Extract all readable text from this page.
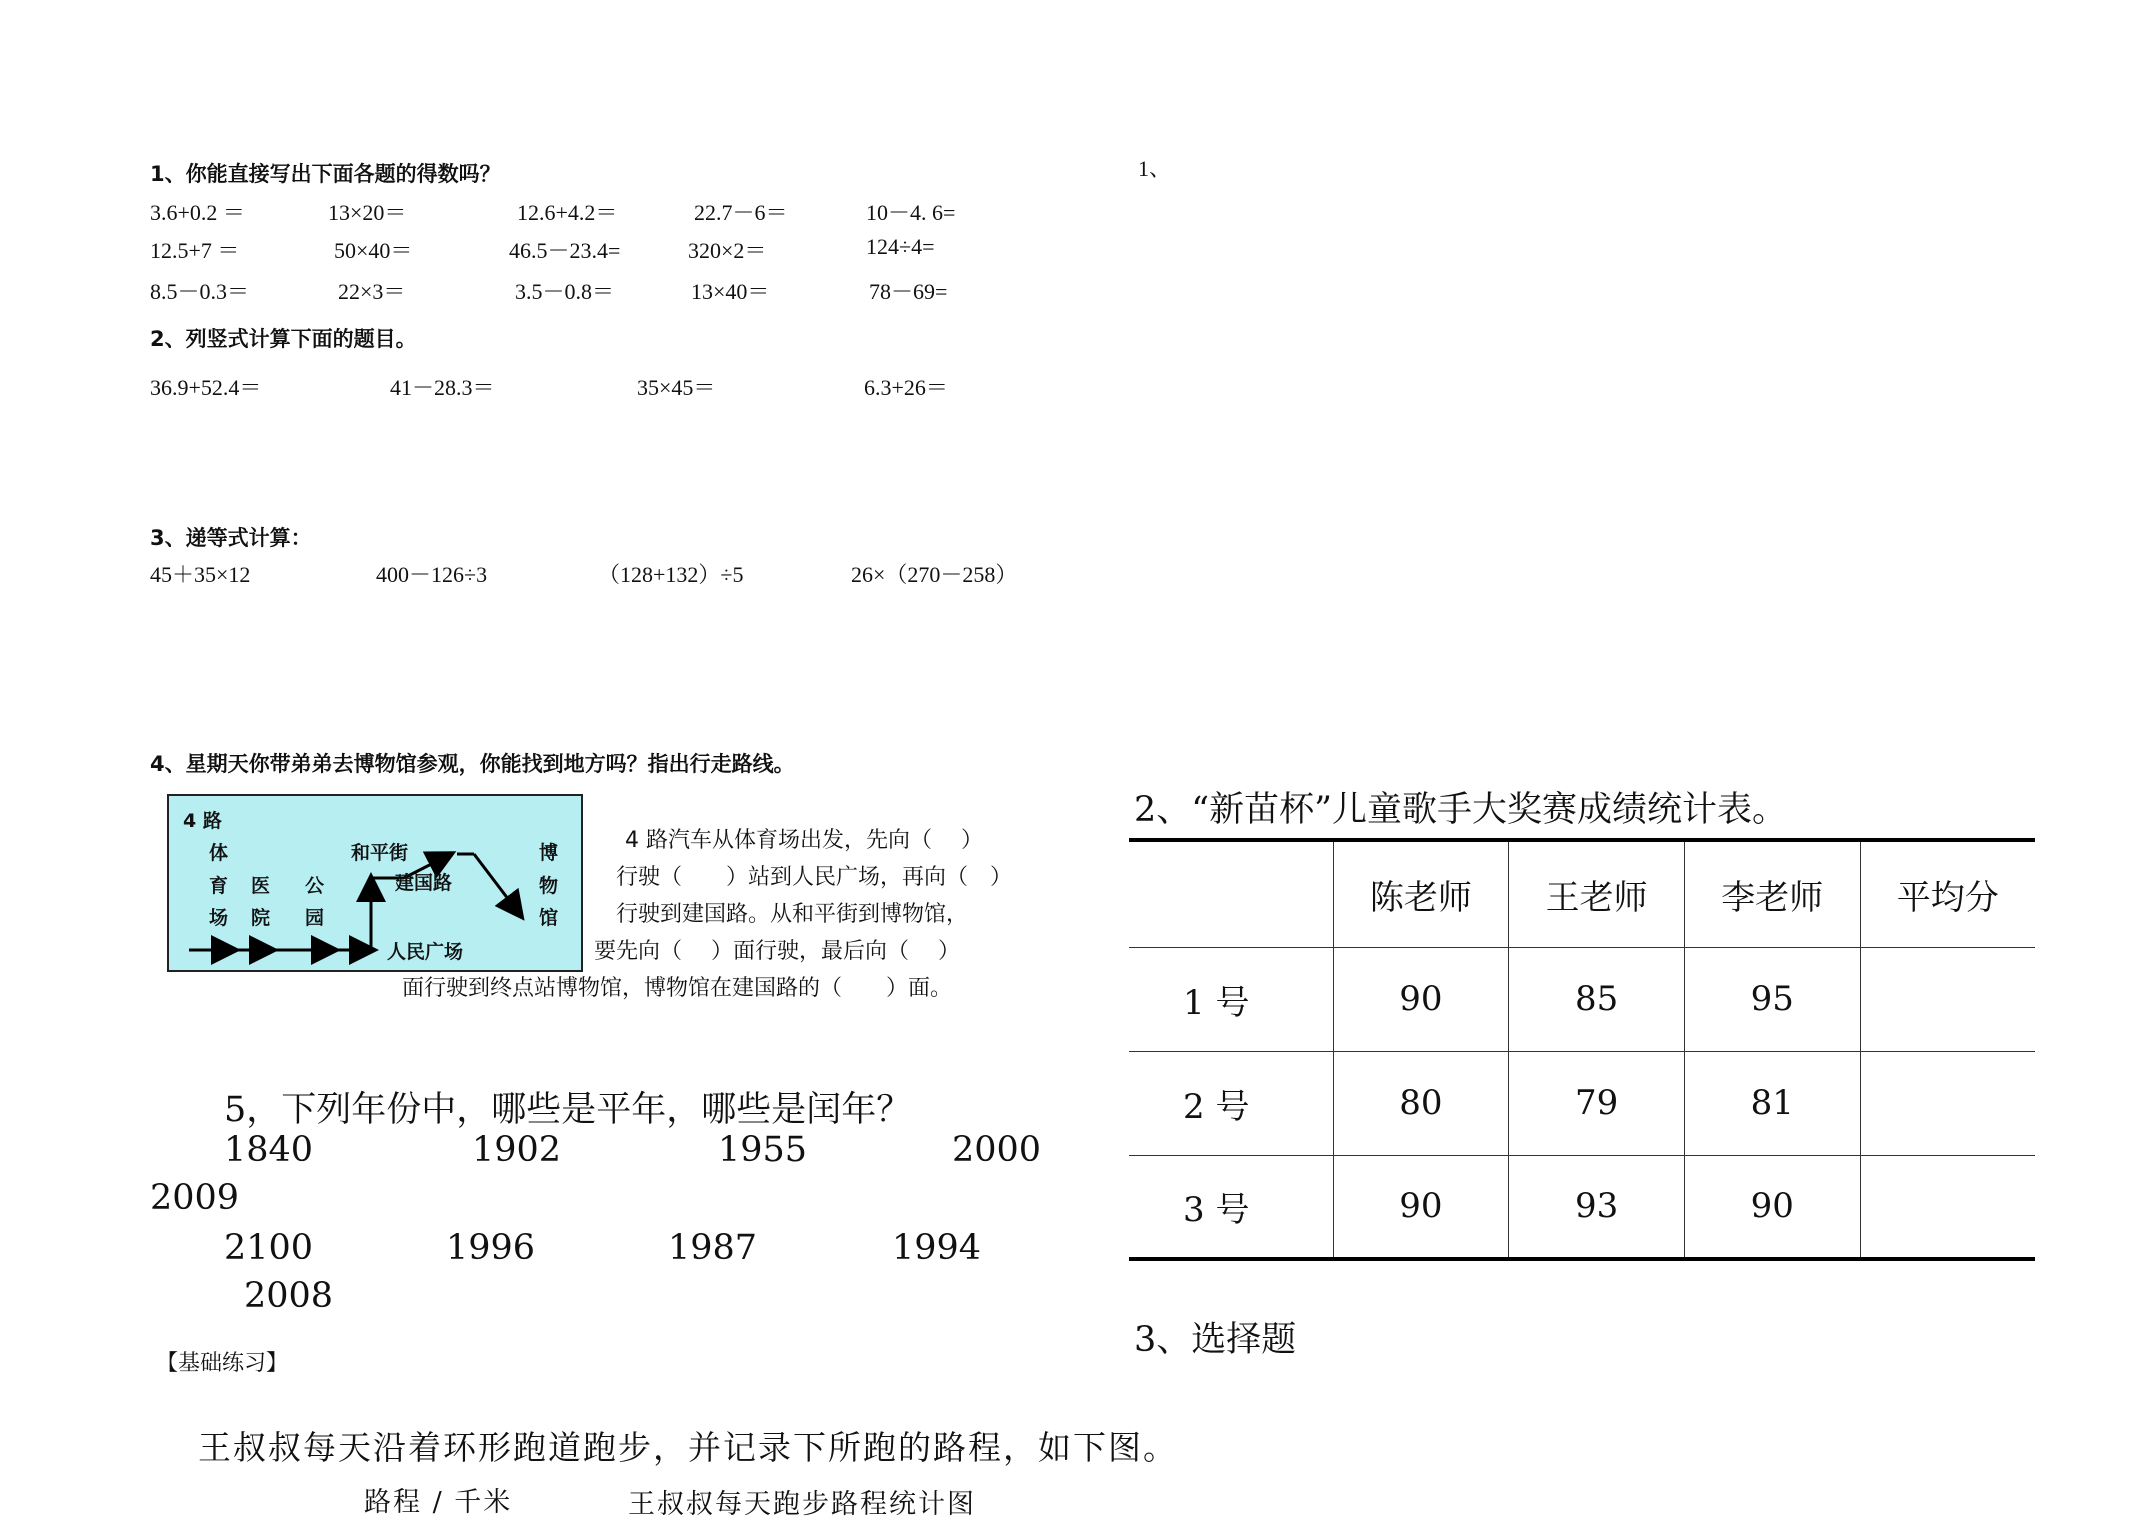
1、你能直接写出下面各题的得数吗？
3.6+0.2 ＝	13×20＝	12.6+4.2＝	22.7－6＝	10－4. 6=
12.5+7 ＝	50×40＝	46.5－23.4=	320×2＝	124÷4=
8.5－0.3＝	22×3＝	3.5－0.8＝	13×40＝	78－69=
2、列竖式计算下面的题目。
36.9+52.4＝	41－28.3＝	35×45＝	6.3+26＝
3、递等式计算：
45＋35×12	400－126÷3	（128+132）÷5	26×（270－258）
4、星期天你带弟弟去博物馆参观，你能找到地方吗？指出行走路线。
4 路
体
育
场
医
院
公
园
和平街
建国路
博
物
馆
人民广场
4 路汽车从体育场出发，先向（　 ）
行驶（　　）站到人民广场，再向（　）
行驶到建国路。从和平街到博物馆，
要先向（　 ）面行驶，最后向（　 ）
面行驶到终点站博物馆，博物馆在建国路的（　　）面。
5，下列年份中，哪些是平年，哪些是闰年？
1840	1902	1955	2000
2009
2100	1996	1987	1994
2008
【基础练习】
王叔叔每天沿着环形跑道跑步，并记录下所跑的路程，如下图。
路程 / 千米	王叔叔每天跑步路程统计图
1、
2、“新苗杯”儿童歌手大奖赛成绩统计表。
	陈老师	王老师	李老师	平均分
1 号	90	85	95	
2 号	80	79	81	
3 号	90	93	90	
3、选择题
